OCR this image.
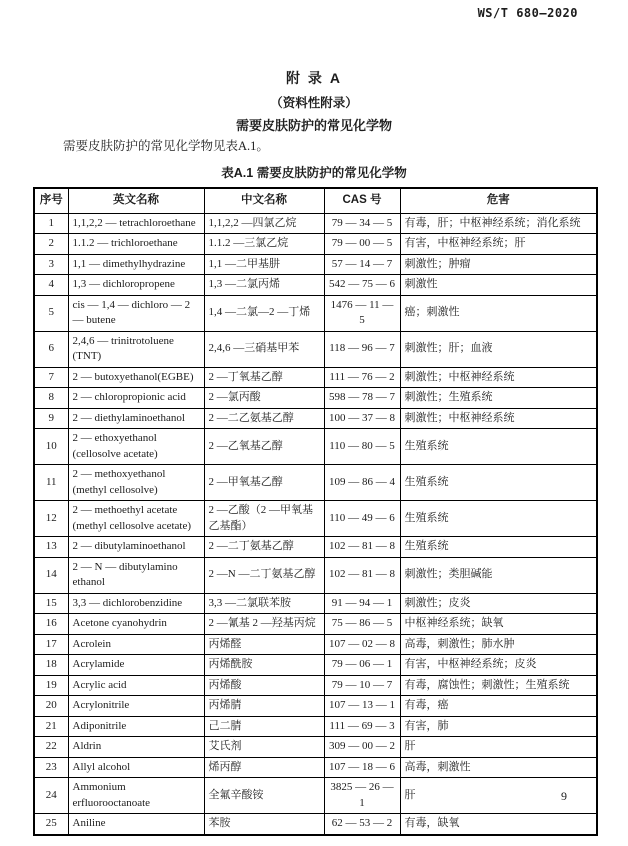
WS/T 680—2020
附 录 A
（资料性附录）
需要皮肤防护的常见化学物
需要皮肤防护的常见化学物见表A.1。
表A.1 需要皮肤防护的常见化学物
序号	英文名称	中文名称	CAS 号	危害
1	1,1,2,2 — tetrachloroethane	1,1,2,2 —四氯乙烷	79 — 34 — 5	有毒，肝；中枢神经系统；消化系统
2	1.1.2 — trichloroethane	1.1.2 —三氯乙烷	79 — 00 — 5	有害，中枢神经系统；肝
3	1,1 — dimethylhydrazine	1,1 —二甲基肼	57 — 14 — 7	刺激性；肿瘤
4	1,3 — dichloropropene	1,3 —二氯丙烯	542 — 75 — 6	刺激性
5	cis — 1,4 — dichloro — 2 — butene	1,4 —二氯—2 —丁烯	1476 — 11 — 5	癌；刺激性
6	2,4,6 — trinitrotoluene (TNT)	2,4,6 —三硝基甲苯	118 — 96 — 7	刺激性；肝；血液
7	2 — butoxyethanol(EGBE)	2 —丁氧基乙醇	111 — 76 — 2	刺激性；中枢神经系统
8	2 — chloropropionic acid	2 —氯丙酸	598 — 78 — 7	刺激性；生殖系统
9	2 — diethylaminoethanol	2 —二乙氨基乙醇	100 — 37 — 8	刺激性；中枢神经系统
10	2 — ethoxyethanol (cellosolve acetate)	2 —乙氧基乙醇	110 — 80 — 5	生殖系统
11	2 — methoxyethanol (methyl cellosolve)	2 —甲氧基乙醇	109 — 86 — 4	生殖系统
12	2 — methoethyl acetate (methyl cellosolve acetate)	2 —乙酸（2 —甲氧基乙基酯）	110 — 49 — 6	生殖系统
13	2 — dibutylaminoethanol	2 —二丁氨基乙醇	102 — 81 — 8	生殖系统
14	2 — N — dibutylamino ethanol	2 —N —二丁氨基乙醇	102 — 81 — 8	刺激性；类胆碱能
15	3,3 — dichlorobenzidine	3,3 —二氯联苯胺	91 — 94 — 1	刺激性；皮炎
16	Acetone cyanohydrin	2 —氰基 2 —羟基丙烷	75 — 86 — 5	中枢神经系统；缺氧
17	Acrolein	丙烯醛	107 — 02 — 8	高毒，刺激性；肺水肿
18	Acrylamide	丙烯酰胺	79 — 06 — 1	有害，中枢神经系统；皮炎
19	Acrylic acid	丙烯酸	79 — 10 — 7	有毒，腐蚀性；刺激性；生殖系统
20	Acrylonitrile	丙烯腈	107 — 13 — 1	有毒，癌
21	Adiponitrile	己二腈	111 — 69 — 3	有害，肺
22	Aldrin	艾氏剂	309 — 00 — 2	肝
23	Allyl alcohol	烯丙醇	107 — 18 — 6	高毒，刺激性
24	Ammonium erfluorooctanoate	全氟辛酸铵	3825 — 26 — 1	肝
25	Aniline	苯胺	62 — 53 — 2	有毒，缺氧
9
